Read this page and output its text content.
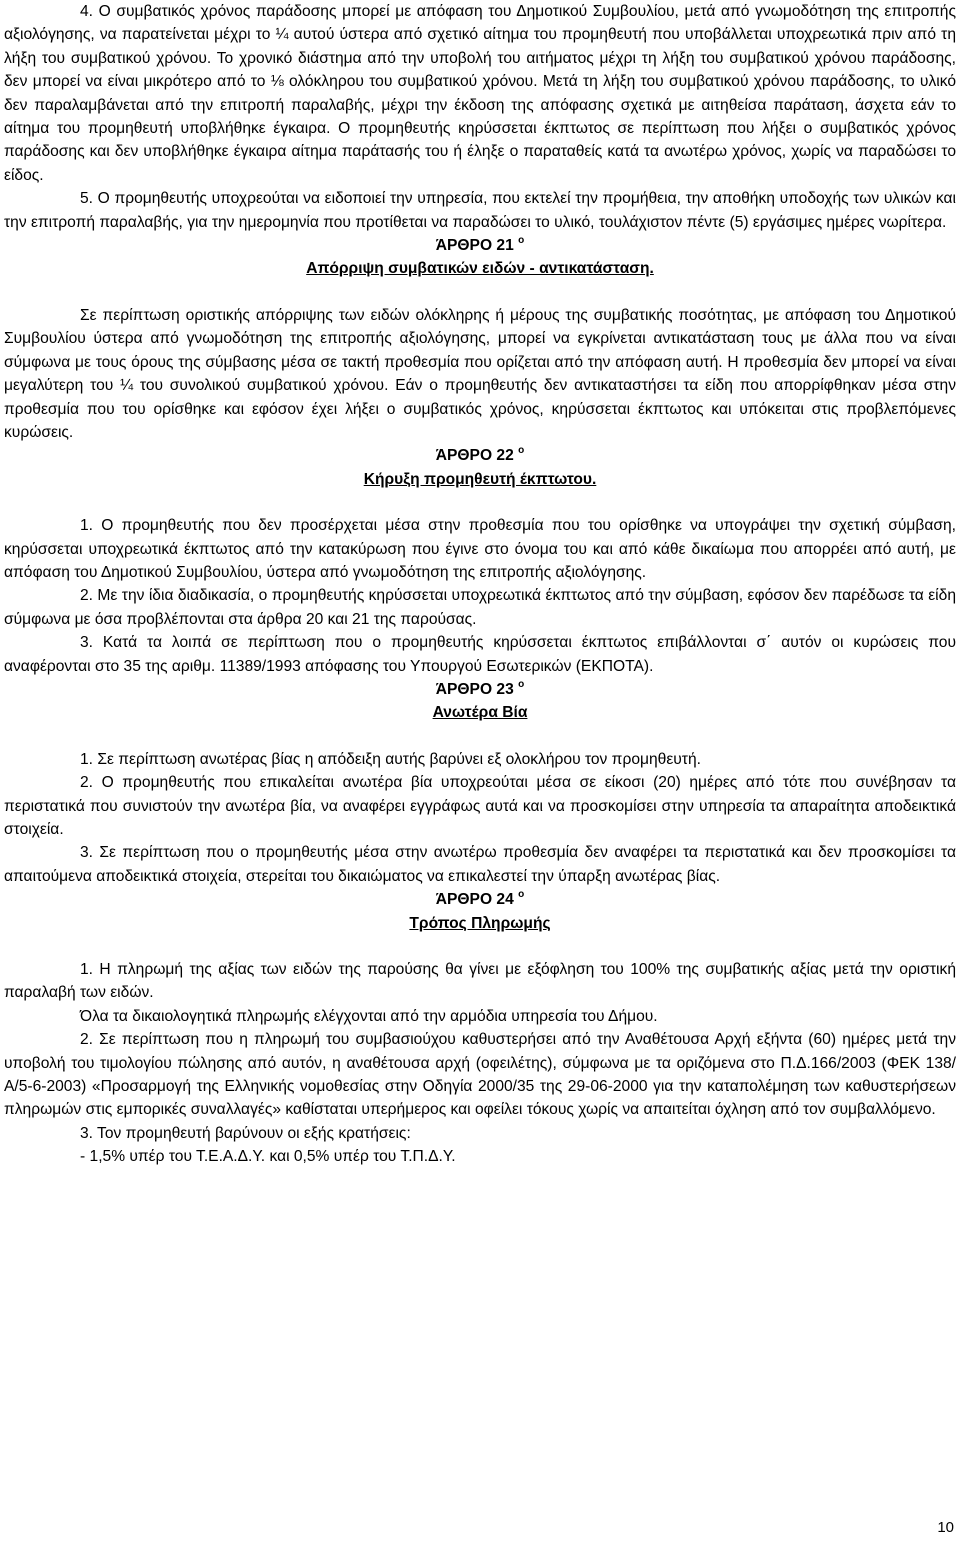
4. Ο συμβατικός χρόνος παράδοσης μπορεί με απόφαση του Δημοτικού Συμβουλίου, μετά από γνωμοδότηση της επιτροπής αξιολόγησης, να παρατείνεται μέχρι το ¼ αυτού ύστερα από σχετικό αίτημα του προμηθευτή που υποβάλλεται υποχρεωτικά πριν από τη λήξη του συμβατικού χρόνου. Το χρονικό διάστημα από την υποβολή του αιτήματος μέχρι τη λήξη του συμβατικού χρόνου παράδοσης, δεν μπορεί να είναι μικρότερο από το ⅛ ολόκληρου του συμβατικού χρόνου. Μετά τη λήξη του συμβατικού χρόνου παράδοσης, το υλικό δεν παραλαμβάνεται από την επιτροπή παραλαβής, μέχρι την έκδοση της απόφασης σχετικά με αιτηθείσα παράταση, άσχετα εάν το αίτημα του προμηθευτή υποβλήθηκε έγκαιρα. Ο προμηθευτής κηρύσσεται έκπτωτος σε περίπτωση που λήξει ο συμβατικός χρόνος παράδοσης και δεν υποβλήθηκε έγκαιρα αίτημα παράτασής του ή έληξε ο παραταθείς κατά τα ανωτέρω χρόνος, χωρίς να παραδώσει το είδος.

5. Ο προμηθευτής υποχρεούται να ειδοποιεί την υπηρεσία, που εκτελεί την προμήθεια, την αποθήκη υποδοχής των υλικών και την επιτροπή παραλαβής, για την ημερομηνία που προτίθεται να παραδώσει το υλικό, τουλάχιστον πέντε (5) εργάσιμες ημέρες νωρίτερα.

ΆΡΘΡΟ 21 $^o$

Απόρριψη συμβατικών ειδών - αντικατάσταση.

Σε περίπτωση οριστικής απόρριψης των ειδών ολόκληρης ή μέρους της συμβατικής ποσότητας, με απόφαση του Δημοτικού Συμβουλίου ύστερα από γνωμοδότηση της επιτροπής αξιολόγησης, μπορεί να εγκρίνεται αντικατάσταση τους με άλλα που να είναι σύμφωνα με τους όρους της σύμβασης μέσα σε τακτή προθεσμία που ορίζεται από την απόφαση αυτή. Η προθεσμία δεν μπορεί να είναι μεγαλύτερη του ¼ του συνολικού συμβατικού χρόνου. Εάν ο προμηθευτής δεν αντικαταστήσει τα είδη που απορρίφθηκαν μέσα στην προθεσμία που του ορίσθηκε και εφόσον έχει λήξει ο συμβατικός χρόνος, κηρύσσεται έκπτωτος και υπόκειται στις προβλεπόμενες κυρώσεις.

ΆΡΘΡΟ 22 $^o$

Κήρυξη προμηθευτή έκπτωτου.

1. Ο προμηθευτής που δεν προσέρχεται μέσα στην προθεσμία που του ορίσθηκε να υπογράψει την σχετική σύμβαση, κηρύσσεται υποχρεωτικά έκπτωτος από την κατακύρωση που έγινε στο όνομα του και από κάθε δικαίωμα που απορρέει από αυτή, με απόφαση του Δημοτικού Συμβουλίου, ύστερα από γνωμοδότηση της επιτροπής αξιολόγησης.

2. Με την ίδια διαδικασία, ο προμηθευτής κηρύσσεται υποχρεωτικά έκπτωτος από την σύμβαση, εφόσον δεν παρέδωσε τα είδη σύμφωνα με όσα προβλέπονται στα άρθρα 20 και 21 της παρούσας.

3. Κατά τα λοιπά σε περίπτωση που ο προμηθευτής κηρύσσεται έκπτωτος επιβάλλονται σ΄ αυτόν οι κυρώσεις που αναφέρονται στο 35 της αριθμ. 11389/1993 απόφασης του Υπουργού Εσωτερικών (ΕΚΠΟΤΑ).

ΆΡΘΡΟ 23 $^o$

Ανωτέρα Βία

1. Σε περίπτωση ανωτέρας βίας η απόδειξη αυτής βαρύνει εξ ολοκλήρου τον προμηθευτή.

2. Ο προμηθευτής που επικαλείται ανωτέρα βία υποχρεούται μέσα σε είκοσι (20) ημέρες από τότε που συνέβησαν τα περιστατικά που συνιστούν την ανωτέρα βία, να αναφέρει εγγράφως αυτά και να προσκομίσει στην υπηρεσία τα απαραίτητα αποδεικτικά στοιχεία.

3. Σε περίπτωση που ο προμηθευτής μέσα στην ανωτέρω προθεσμία δεν αναφέρει τα περιστατικά και δεν προσκομίσει τα απαιτούμενα αποδεικτικά στοιχεία, στερείται του δικαιώματος να επικαλεστεί την ύπαρξη ανωτέρας βίας.

ΆΡΘΡΟ 24 $^o$

Τρόπος Πληρωμής

1. Η πληρωμή της αξίας των ειδών της παρούσης θα γίνει με εξόφληση του 100% της συμβατικής αξίας μετά την οριστική παραλαβή των ειδών.

Όλα τα δικαιολογητικά πληρωμής ελέγχονται από την αρμόδια υπηρεσία του Δήμου.

2. Σε περίπτωση που η πληρωμή του συμβασιούχου καθυστερήσει από την Αναθέτουσα Αρχή εξήντα (60) ημέρες μετά την υποβολή του τιμολογίου πώλησης από αυτόν, η αναθέτουσα αρχή (οφειλέτης), σύμφωνα με τα οριζόμενα στο Π.Δ.166/2003 (ΦΕΚ 138/Α/5-6-2003) «Προσαρμογή της Ελληνικής νομοθεσίας στην Οδηγία 2000/35 της 29-06-2000 για την καταπολέμηση των καθυστερήσεων πληρωμών στις εμπορικές συναλλαγές» καθίσταται υπερήμερος και οφείλει τόκους χωρίς να απαιτείται όχληση από τον συμβαλλόμενο.

3. Τον προμηθευτή βαρύνουν οι εξής κρατήσεις:

- 1,5% υπέρ του Τ.Ε.Α.Δ.Υ. και 0,5% υπέρ του Τ.Π.Δ.Υ.

10
